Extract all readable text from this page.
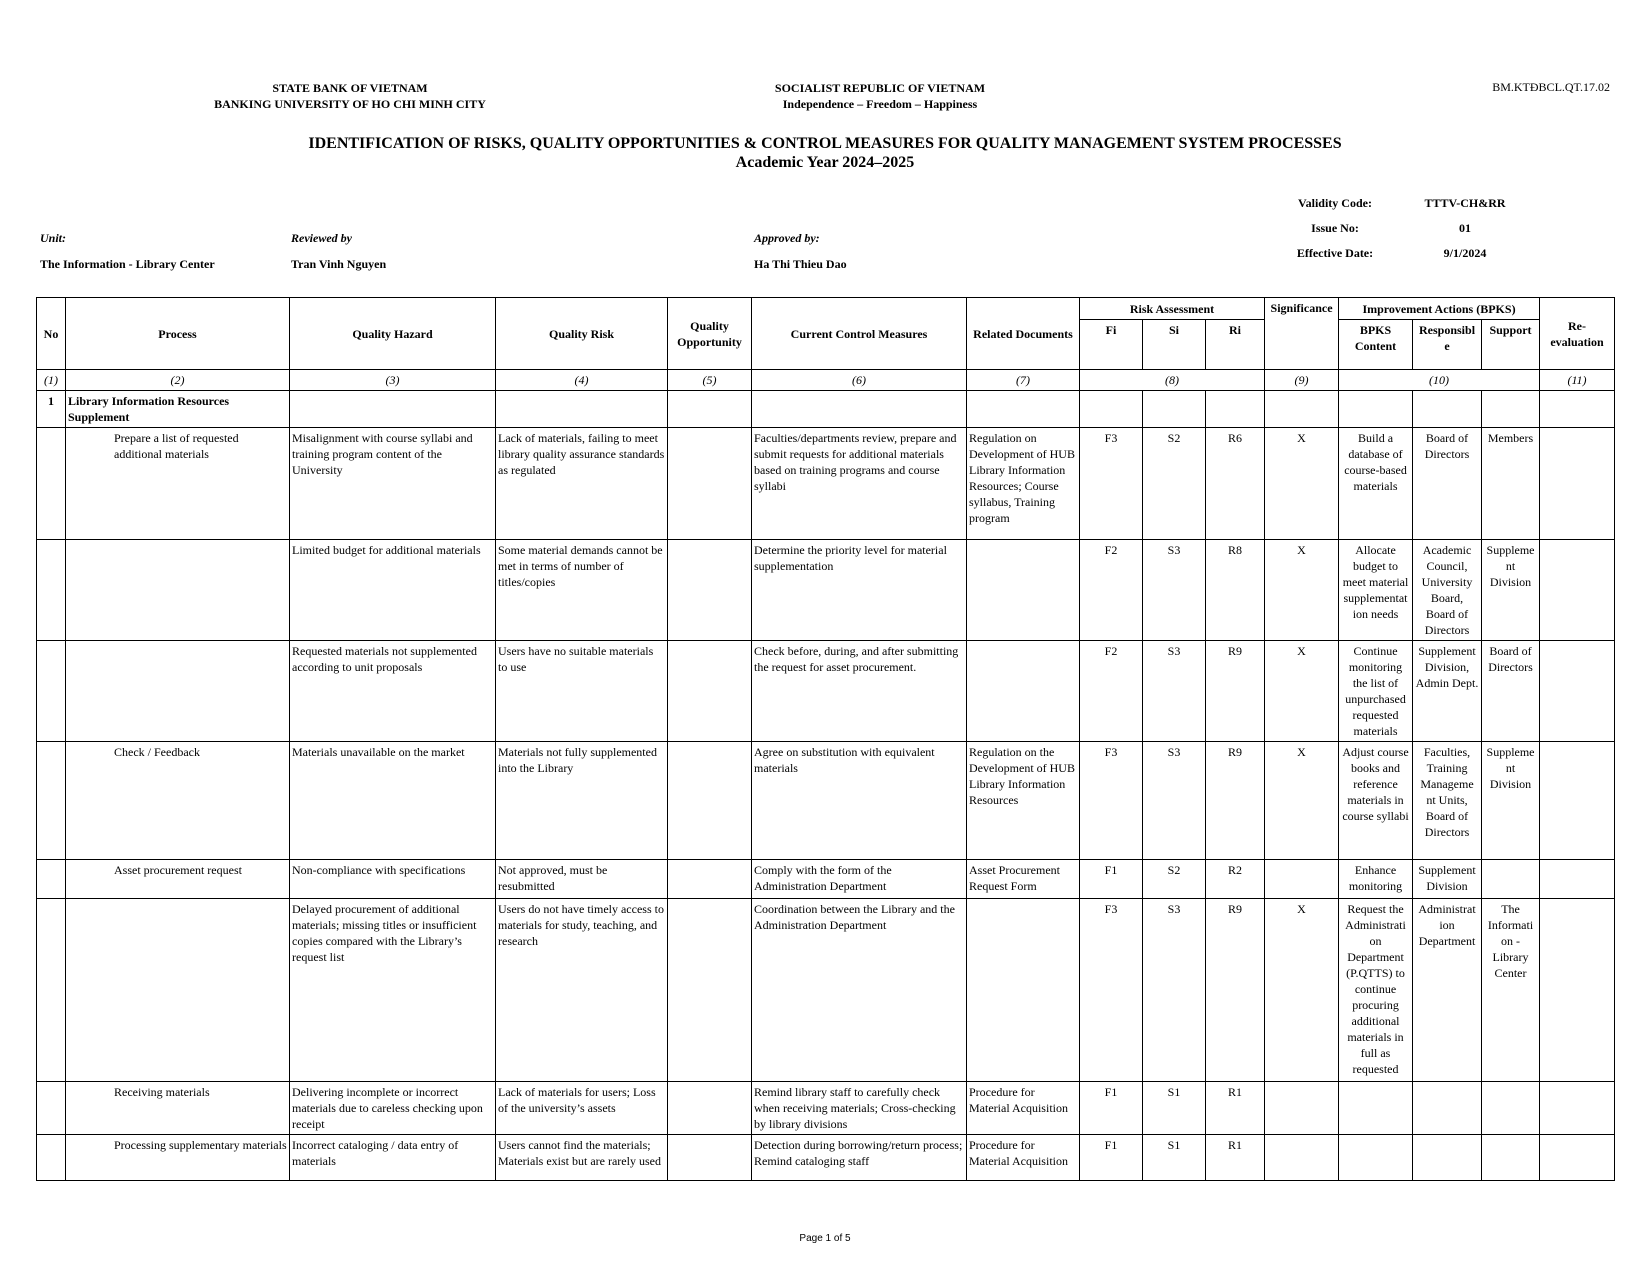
STATE BANK OF VIETNAM
BANKING UNIVERSITY OF HO CHI MINH CITY
SOCIALIST REPUBLIC OF VIETNAM
Independence – Freedom – Happiness
BM.KTĐBCL.QT.17.02
IDENTIFICATION OF RISKS, QUALITY OPPORTUNITIES & CONTROL MEASURES FOR QUALITY MANAGEMENT SYSTEM PROCESSES
Academic Year 2024–2025
Validity Code:	TTTV-CH&RR
Issue No:	01
Effective Date:	9/1/2024
Unit:
The Information - Library Center
Reviewed by
Tran Vinh Nguyen
Approved by:
Ha Thi Thieu Dao
No	Process	Quality Hazard	Quality Risk	Quality Opportunity	Current Control Measures	Related Documents	Risk Assessment			Significance	Improvement Actions (BPKS)			Re-evaluation
							Fi	Si	Ri		BPKS Content	Responsibl e	Support	
(1)	(2)	(3)	(4)	(5)	(6)	(7)	(8)			(9)	(10)			(11)
1	Library Information Resources Supplement													
	Prepare a list of requested additional materials	Misalignment with course syllabi and training program content of the University	Lack of materials, failing to meet library quality assurance standards as regulated		Faculties/departments review, prepare and submit requests for additional materials based on training programs and course syllabi	Regulation on Development of HUB Library Information Resources; Course syllabus, Training program	F3	S2	R6	X	Build a database of course-based materials	Board of Directors	Members	
		Limited budget for additional materials	Some material demands cannot be met in terms of number of titles/copies		Determine the priority level for material supplementation		F2	S3	R8	X	Allocate budget to meet material supplementat ion needs	Academic Council, University Board, Board of Directors	Suppleme nt Division	
		Requested materials not supplemented according to unit proposals	Users have no suitable materials to use		Check before, during, and after submitting the request for asset procurement.		F2	S3	R9	X	Continue monitoring the list of unpurchased requested materials	Supplement Division, Admin Dept.	Board of Directors	
	Check / Feedback	Materials unavailable on the market	Materials not fully supplemented into the Library		Agree on substitution with equivalent materials	Regulation on the Development of HUB Library Information Resources	F3	S3	R9	X	Adjust course books and reference materials in course syllabi	Faculties, Training Manageme nt Units, Board of Directors	Suppleme nt Division	
	Asset procurement request	Non-compliance with specifications	Not approved, must be resubmitted		Comply with the form of the Administration Department	Asset Procurement Request Form	F1	S2	R2		Enhance monitoring	Supplement Division		
		Delayed procurement of additional materials; missing titles or insufficient copies compared with the Library’s request list	Users do not have timely access to materials for study, teaching, and research		Coordination between the Library and the Administration Department		F3	S3	R9	X	Request the Administrati on Department (P.QTTS) to continue procuring additional materials in full as requested	Administrat ion Department	The Informati on - Library Center	
	Receiving materials	Delivering incomplete or incorrect materials due to careless checking upon receipt	Lack of materials for users; Loss of the university’s assets		Remind library staff to carefully check when receiving materials; Cross-checking by library divisions	Procedure for Material Acquisition	F1	S1	R1					
	Processing supplementary materials	Incorrect cataloging / data entry of materials	Users cannot find the materials; Materials exist but are rarely used		Detection during borrowing/return process; Remind cataloging staff	Procedure for Material Acquisition	F1	S1	R1					
Page 1 of 5
